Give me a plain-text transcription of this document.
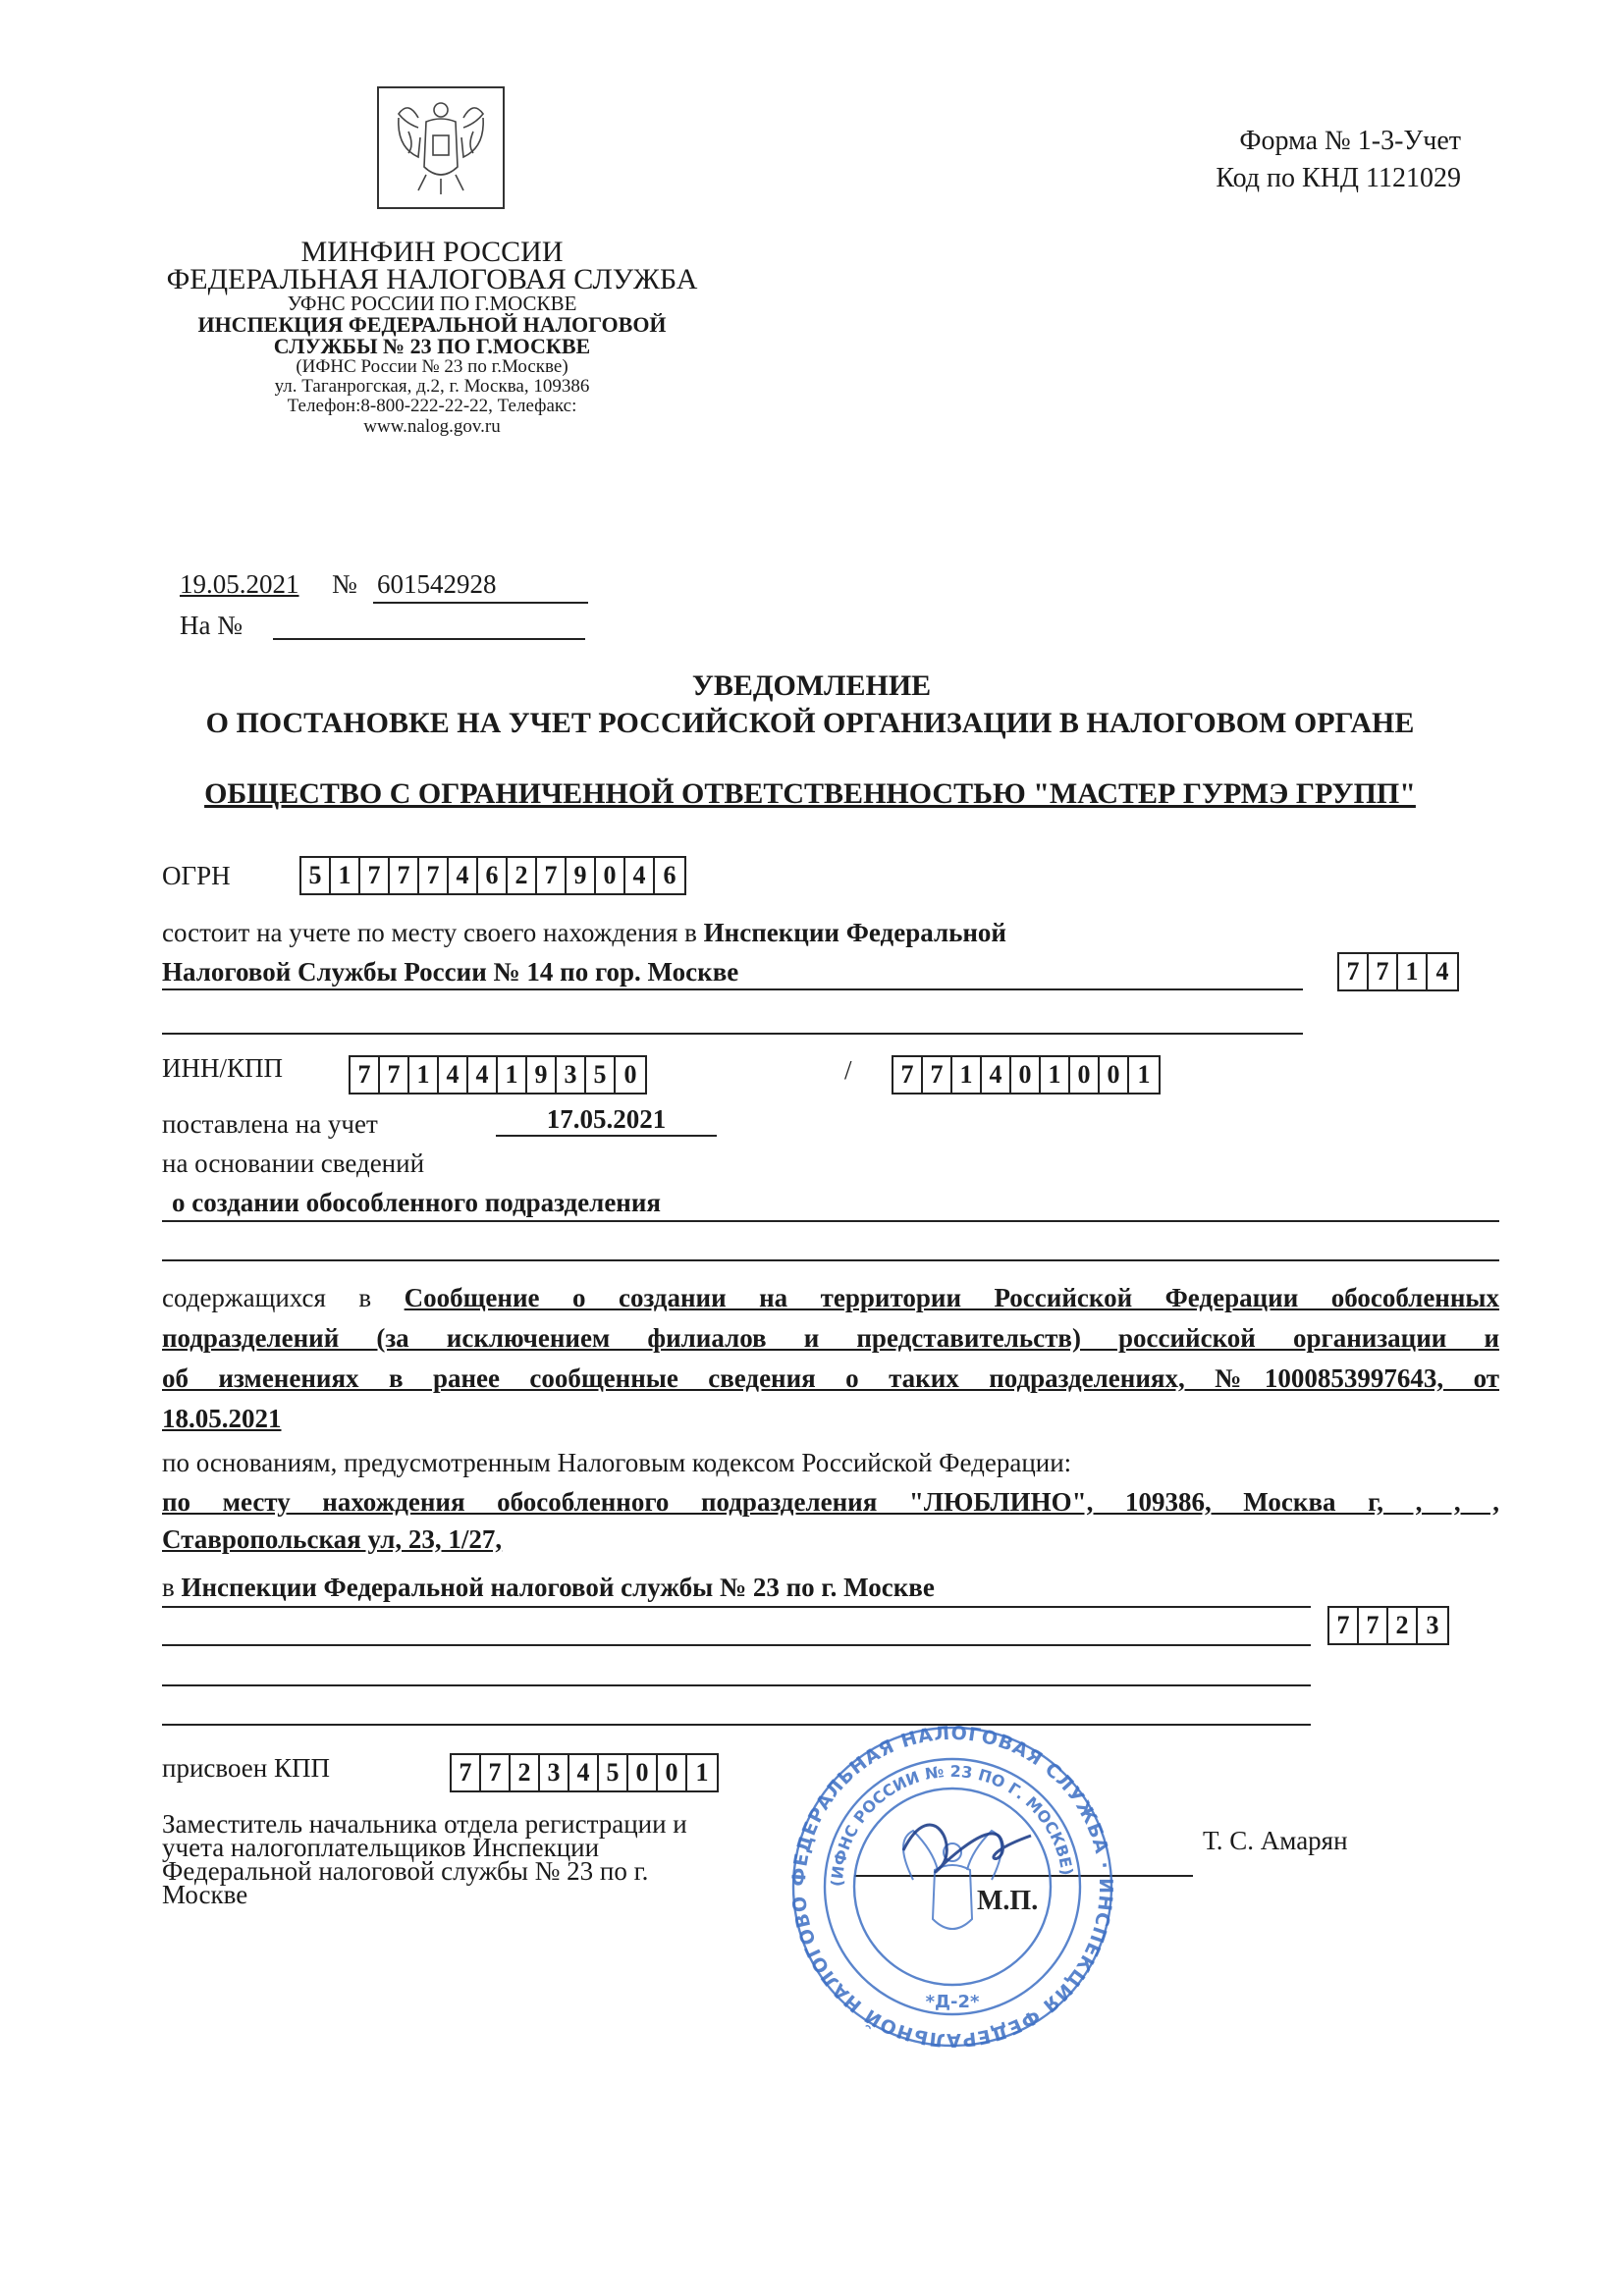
Форма № 1-3-Учет
Код по КНД 1121029
МИНФИН РОССИИ
ФЕДЕРАЛЬНАЯ НАЛОГОВАЯ СЛУЖБА
УФНС РОССИИ ПО Г.МОСКВЕ
ИНСПЕКЦИЯ ФЕДЕРАЛЬНОЙ НАЛОГОВОЙ
СЛУЖБЫ № 23 ПО Г.МОСКВЕ
(ИФНС России № 23 по г.Москве)
ул. Таганрогская, д.2, г. Москва, 109386
Телефон:8-800-222-22-22, Телефакс:
www.nalog.gov.ru
19.05.2021 № 601542928
На №
УВЕДОМЛЕНИЕ
О ПОСТАНОВКЕ НА УЧЕТ РОССИЙСКОЙ ОРГАНИЗАЦИИ В НАЛОГОВОМ ОРГАНЕ
ОБЩЕСТВО С ОГРАНИЧЕННОЙ ОТВЕТСТВЕННОСТЬЮ "МАСТЕР ГУРМЭ ГРУПП"
ОГРН	5 1 7 7 7 4 6 2 7 9 0 4 6
состоит на учете по месту своего нахождения в Инспекции Федеральной
Налоговой Службы России № 14 по гор. Москве	7 7 1 4
ИНН/КПП	7 7 1 4 4 1 9 3 5 0	/ 7 7 1 4 0 1 0 0 1
поставлена на учет	17.05.2021
на основании сведений
о создании обособленного подразделения
содержащихся в Сообщение о создании на территории Российской Федерации обособленных
подразделений (за исключением филиалов и представительств) российской организации и
об изменениях в ранее сообщенные сведения о таких подразделениях, №1000853997643, от
18.05.2021
по основаниям, предусмотренным Налоговым кодексом Российской Федерации:
по месту нахождения обособленного подразделения "ЛЮБЛИНО", 109386, Москва г, , , ,
Ставропольская ул, 23, 1/27,
в Инспекции Федеральной налоговой службы № 23 по г. Москве
7 7 2 3
присвоен КПП	7 7 2 3 4 5 0 0 1
Заместитель начальника отдела регистрации и
учета налогоплательщиков Инспекции
Федеральной налоговой службы № 23 по г.
Москве
Т. С. Амарян
ФЕДЕРАЛЬНАЯ НАЛОГОВАЯ СЛУЖБА · ИНСПЕКЦИЯ ФЕДЕРАЛЬНОЙ НАЛОГОВО
(ИФНС РОССИИ № 23 ПО Г. МОСКВЕ)
*Д-2*
М.П.
